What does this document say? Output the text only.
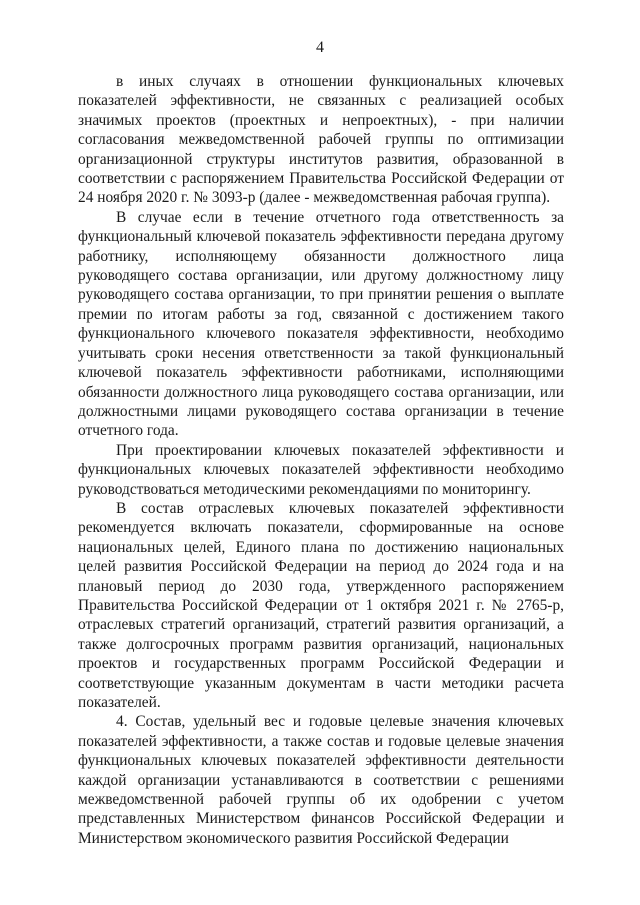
4

в иных случаях в отношении функциональных ключевых показателей эффективности, не связанных с реализацией особых значимых проектов (проектных и непроектных), - при наличии согласования межведомственной рабочей группы по оптимизации организационной структуры институтов развития, образованной в соответствии с распоряжением Правительства Российской Федерации от 24 ноября 2020 г. № 3093-р (далее - межведомственная рабочая группа).

В случае если в течение отчетного года ответственность за функциональный ключевой показатель эффективности передана другому работнику, исполняющему обязанности должностного лица руководящего состава организации, или другому должностному лицу руководящего состава организации, то при принятии решения о выплате премии по итогам работы за год, связанной с достижением такого функционального ключевого показателя эффективности, необходимо учитывать сроки несения ответственности за такой функциональный ключевой показатель эффективности работниками, исполняющими обязанности должностного лица руководящего состава организации, или должностными лицами руководящего состава организации в течение отчетного года.

При проектировании ключевых показателей эффективности и функциональных ключевых показателей эффективности необходимо руководствоваться методическими рекомендациями по мониторингу.

В состав отраслевых ключевых показателей эффективности рекомендуется включать показатели, сформированные на основе национальных целей, Единого плана по достижению национальных целей развития Российской Федерации на период до 2024 года и на плановый период до 2030 года, утвержденного распоряжением Правительства Российской Федерации от 1 октября 2021 г. № 2765-р, отраслевых стратегий организаций, стратегий развития организаций, а также долгосрочных программ развития организаций, национальных проектов и государственных программ Российской Федерации и соответствующие указанным документам в части методики расчета показателей.

4. Состав, удельный вес и годовые целевые значения ключевых показателей эффективности, а также состав и годовые целевые значения функциональных ключевых показателей эффективности деятельности каждой организации устанавливаются в соответствии с решениями межведомственной рабочей группы об их одобрении с учетом представленных Министерством финансов Российской Федерации и Министерством экономического развития Российской Федерации
